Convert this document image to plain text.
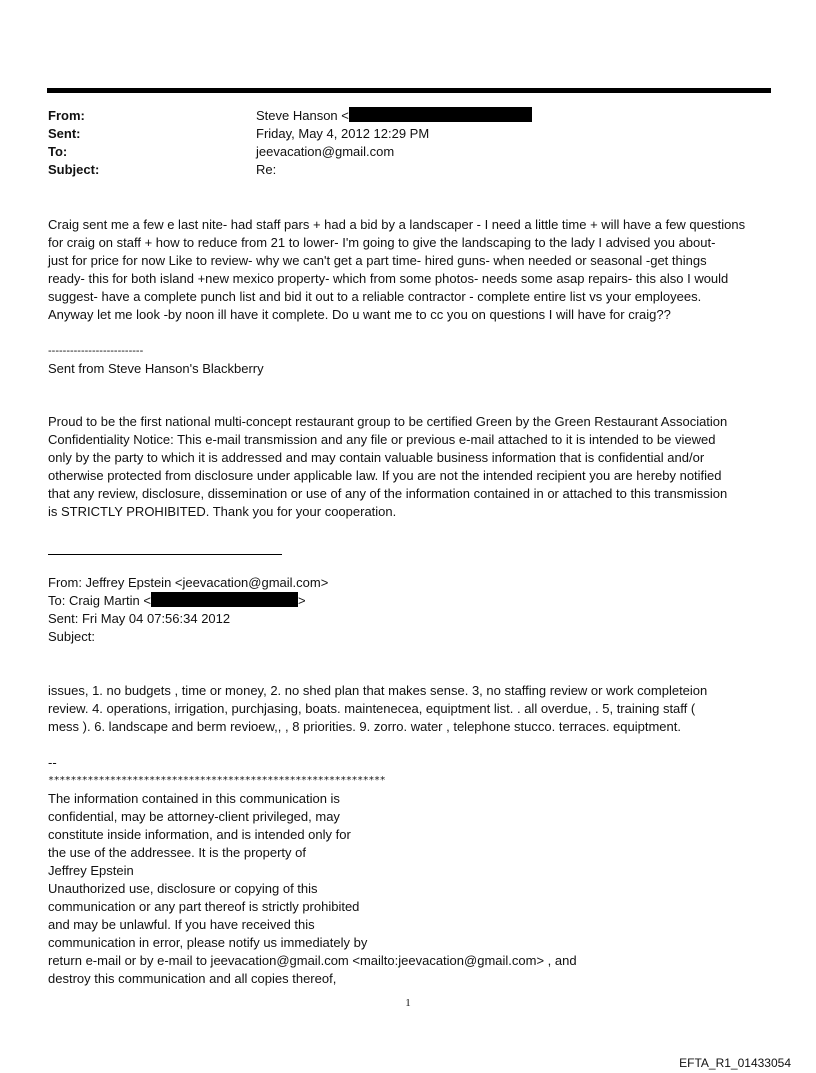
From:	Steve Hanson <
Sent:	Friday, May 4, 2012 12:29 PM
To:	jeevacation@gmail.com
Subject:	Re:
Craig sent me a few e last nite- had staff pars + had a bid by a landscaper - I need a little time + will have a few questions
for craig on staff + how to reduce from 21 to lower- I'm going to give the landscaping to the lady I advised you about-
just for price for now Like to review- why we can't get a part time- hired guns- when needed or seasonal -get things
ready- this for both island +new mexico property- which from some photos- needs some asap repairs- this also I would
suggest- have a complete punch list and bid it out to a reliable contractor - complete entire list vs your employees.
Anyway let me look -by noon ill have it complete. Do u want me to cc you on questions I will have for craig??
--------------------------
Sent from Steve Hanson's Blackberry
Proud to be the first national multi-concept restaurant group to be certified Green by the Green Restaurant Association
Confidentiality Notice: This e-mail transmission and any file or previous e-mail attached to it is intended to be viewed
only by the party to which it is addressed and may contain valuable business information that is confidential and/or
otherwise protected from disclosure under applicable law. If you are not the intended recipient you are hereby notified
that any review, disclosure, dissemination or use of any of the information contained in or attached to this transmission
is STRICTLY PROHIBITED. Thank you for your cooperation.
From: Jeffrey Epstein <jeevacation@gmail.com>
To: Craig Martin <	>
Sent: Fri May 04 07:56:34 2012
Subject:
issues, 1. no budgets , time or money, 2. no shed plan that makes sense. 3, no staffing review or work completeion
review. 4. operations, irrigation, purchjasing, boats. maintenecea, equiptment list. . all overdue, . 5, training staff (
mess ). 6. landscape and berm revioew,, , 8 priorities. 9. zorro. water , telephone stucco. terraces. equiptment.
--
************************************************************
The information contained in this communication is
confidential, may be attorney-client privileged, may
constitute inside information, and is intended only for
the use of the addressee. It is the property of
Jeffrey Epstein
Unauthorized use, disclosure or copying of this
communication or any part thereof is strictly prohibited
and may be unlawful. If you have received this
communication in error, please notify us immediately by
return e-mail or by e-mail to jeevacation@gmail.com <mailto:jeevacation@gmail.com> , and
destroy this communication and all copies thereof,
1
EFTA_R1_01433054
